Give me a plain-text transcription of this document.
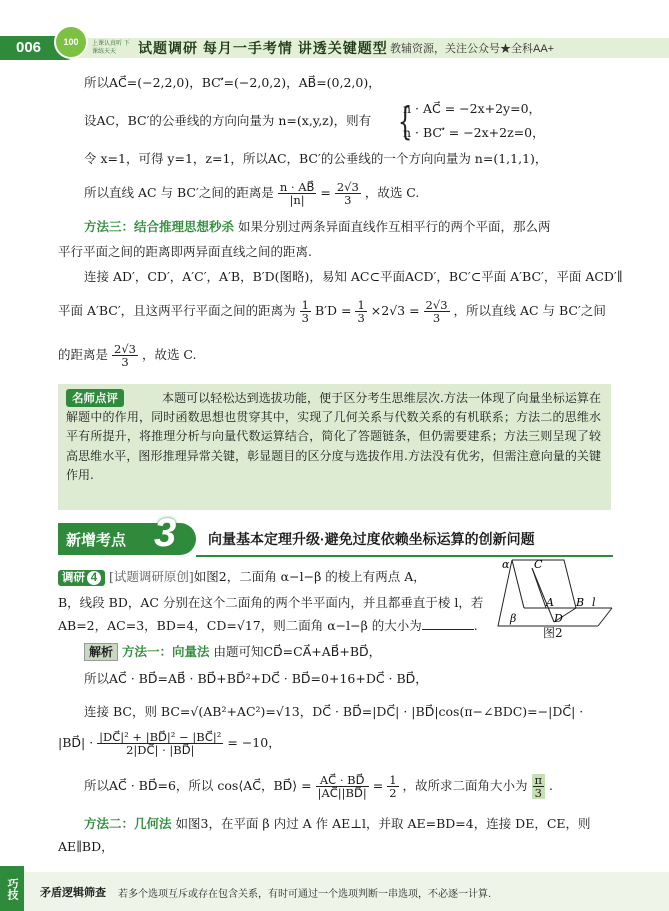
006	100	上课认真听 下课练天天	试题调研 每月一手考情 讲透关键题型 教辅资源，关注公众号★全科AA+
所以AC⃗=(−2,2,0)，BC′⃗=(−2,0,2)，AB⃗=(0,2,0)，
设AC，BC′的公垂线的方向向量为 n=(x,y,z)，则有 {
n · AC⃗ = −2x+2y=0，
n · BC′⃗ = −2x+2z=0，
令 x=1，可得 y=1，z=1，所以AC，BC′的公垂线的一个方向向量为 n=(1,1,1)，
所以直线 AC 与 BC′之间的距离是 $\frac{n \cdot AB⃗}{|n|} = \frac{2√3}{3}$ ，故选 C.
方法三：结合推理思想秒杀 如果分别过两条异面直线作互相平行的两个平面，那么两
平行平面之间的距离即两异面直线之间的距离.
连接 AD′，CD′，A′C′，A′B，B′D(图略)，易知 AC⊂平面ACD′，BC′⊂平面 A′BC′，平面 ACD′∥
平面 A′BC′，且这两平行平面之间的距离为 $\frac{1}{3} B'D = \frac{1}{3} \times 2√3 = \frac{2√3}{3}$ ，所以直线 AC 与 BC′之间
的距离是 $\frac{2√3}{3}$ ，故选 C.
本题可以轻松达到选拔功能，便于区分考生思维层次.方法一体现了向量坐标运算在解题中的作用，同时函数思想也贯穿其中，实现了几何关系与代数关系的有机联系；方法二的思维水平有所提升，将推理分析与向量代数运算结合，简化了答题链条，但仍需要建系；方法三则呈现了较高思维水平，图形推理异常关键，彰显题目的区分度与选拔作用.方法没有优劣，但需注意向量的关键作用.
名师点评
新增考点 3 向量基本定理升级·避免过度依赖坐标运算的创新问题
调研 4 [试题调研原创]如图2，二面角 α−l−β 的棱上有两点 A，
B，线段 BD，AC 分别在这个二面角的两个半平面内，并且都垂直于棱 l，若
AB=2，AC=3，BD=4，CD=√17，则二面角 α−l−β 的大小为	.
α C
A B l
β	D
图2
解析 方法一：向量法 由题可知CD⃗=CA⃗+AB⃗+BD⃗，
所以AC⃗ · BD⃗=AB⃗ · BD⃗+BD⃗²+DC⃗ · BD⃗=0+16+DC⃗ · BD⃗，
连接 BC，则 BC=√(AB²+AC²)=√13，DC⃗ · BD⃗=|DC⃗| · |BD⃗|cos(π−∠BDC)=−|DC⃗| ·
|BD⃗| · $\frac{\text{|DC⃗|² + |BD⃗|² − |BC⃗|²}}{2|DC⃗| \cdot |BD⃗|} = -10$，
所以AC⃗ · BD⃗=6，所以 cos⟨AC⃗，BD⃗⟩ = $\frac{AC⃗ \cdot BD⃗}{|AC⃗||BD⃗|} = \frac{1}{2}$ ，故所求二面角大小为 $\frac{\pi}{3}$ .
方法二：几何法 如图3，在平面 β 内过 A 作 AE⊥l，并取 AE=BD=4，连接 DE，CE，则
AE∥BD，
巧技	矛盾逻辑筛查 若多个选项互斥或存在包含关系，有时可通过一个选项判断一串选项，不必逐一计算.
